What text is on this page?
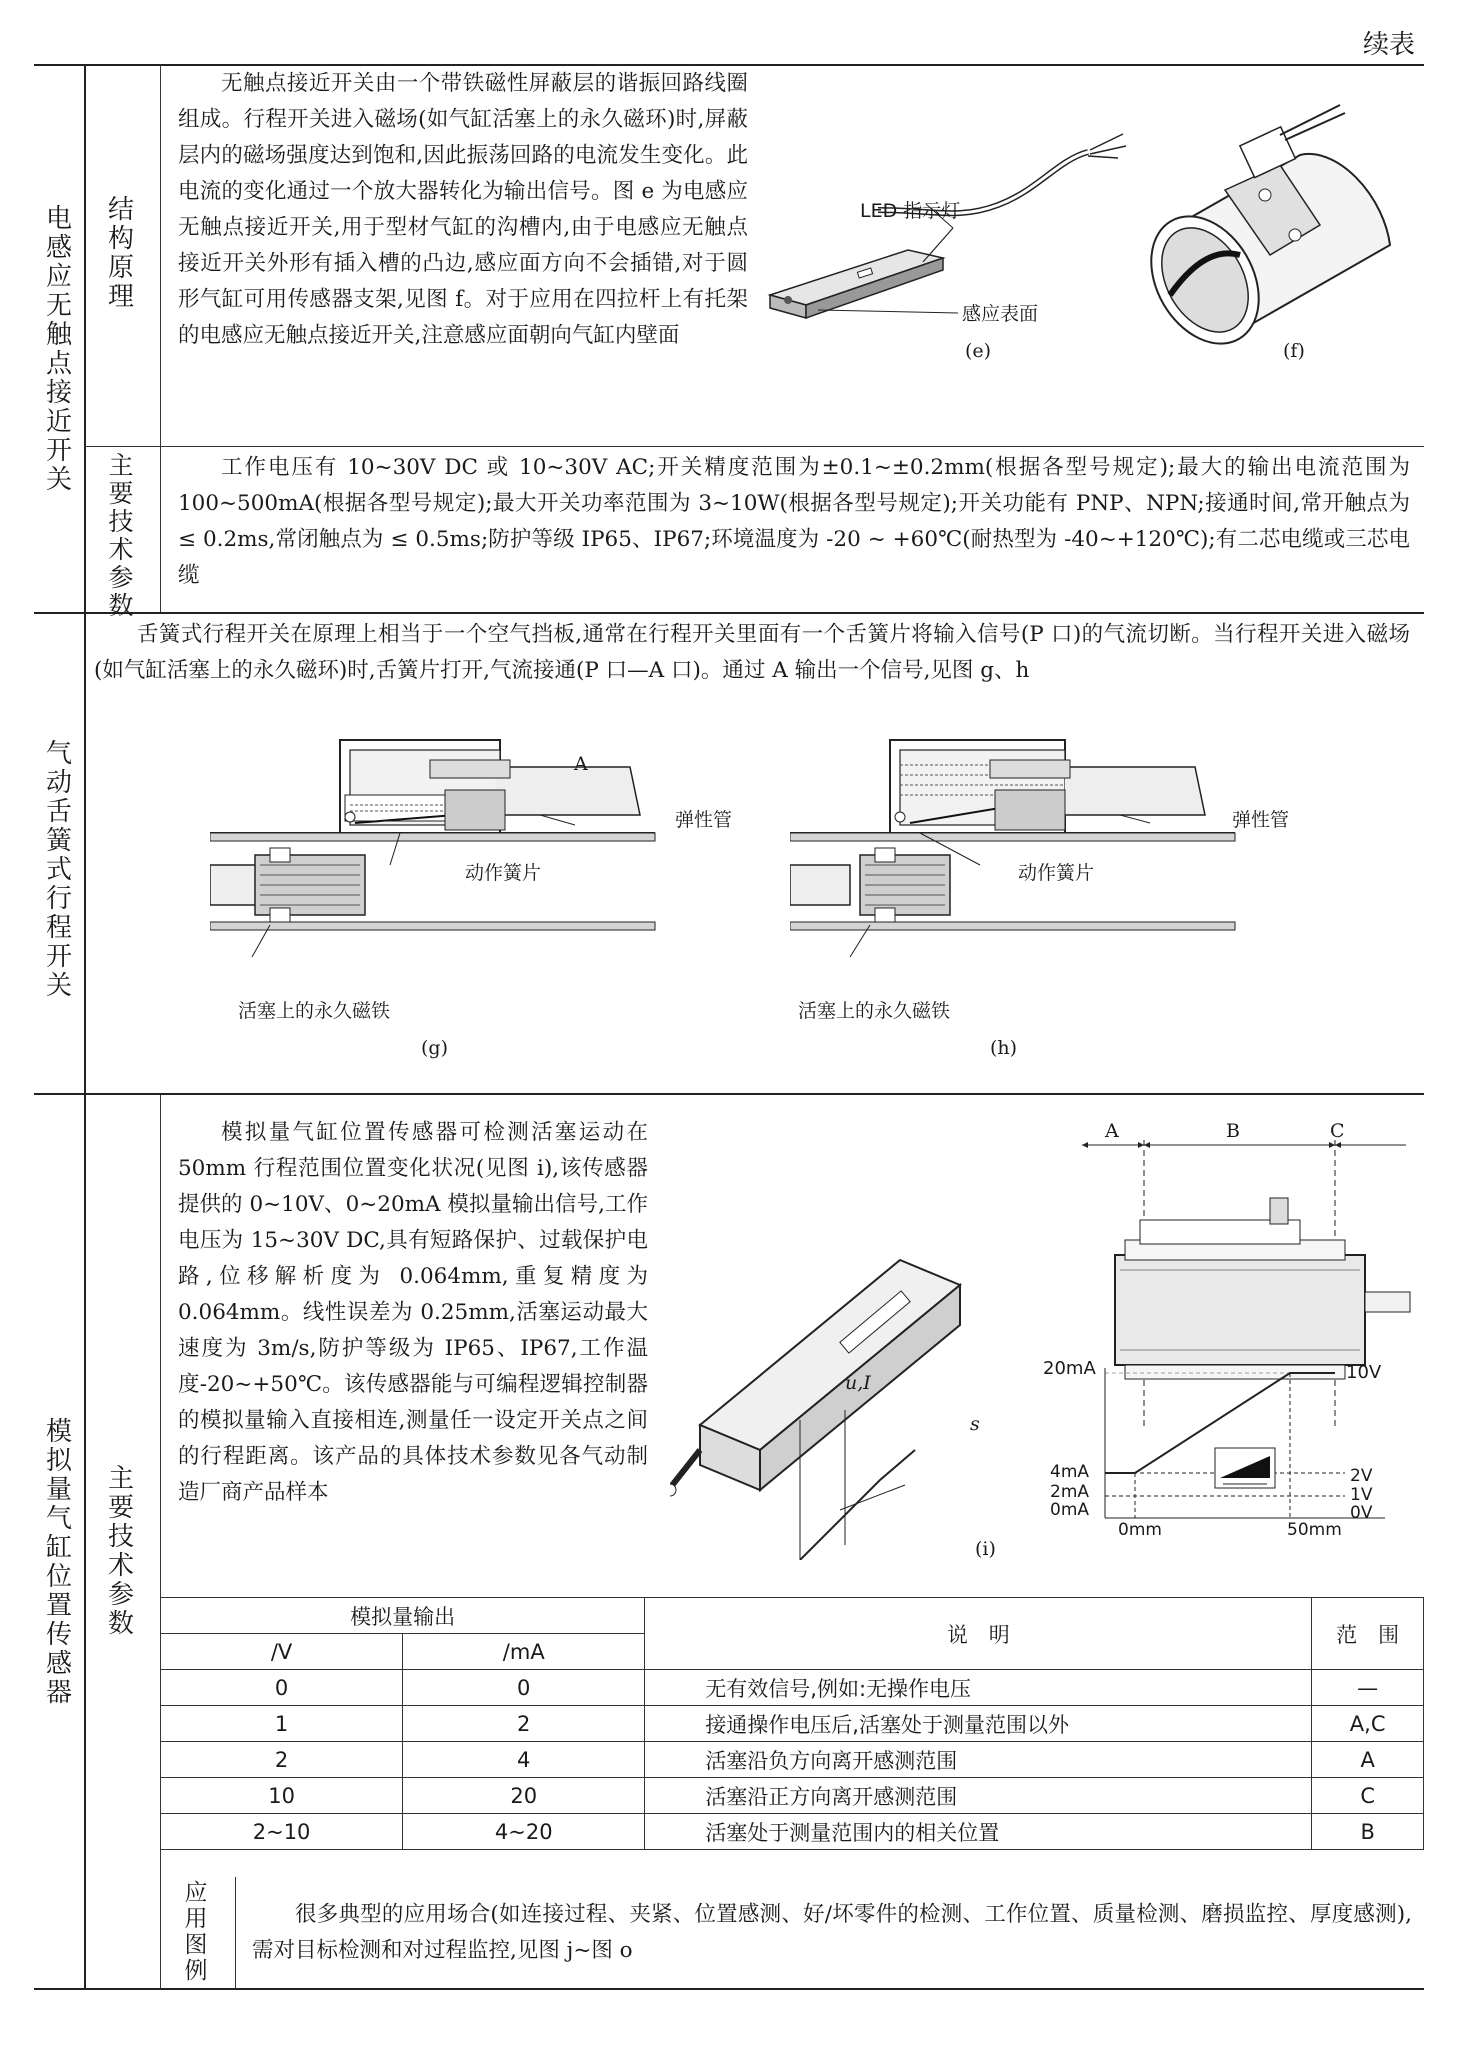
续表
电感应无触点接近开关
结构原理

无触点接近开关由一个带铁磁性屏蔽层的谐振回路线圈组成。行程开关进入磁场(如气缸活塞上的永久磁环)时,屏蔽层内的磁场强度达到饱和,因此振荡回路的电流发生变化。此电流的变化通过一个放大器转化为输出信号。图 e 为电感应无触点接近开关,用于型材气缸的沟槽内,由于电感应无触点接近开关外形有插入槽的凸边,感应面方向不会插错,对于圆形气缸可用传感器支架,见图 f。对于应用在四拉杆上有托架的电感应无触点接近开关,注意感应面朝向气缸内壁面

LED 指示灯
感应表面
(e)	(f)
主要技术参数

工作电压有 10~30V DC 或 10~30V AC;开关精度范围为±0.1~±0.2mm(根据各型号规定);最大的输出电流范围为 100~500mA(根据各型号规定);最大开关功率范围为 3~10W(根据各型号规定);开关功能有 PNP、NPN;接通时间,常开触点为 ≤ 0.2ms,常闭触点为 ≤ 0.5ms;防护等级 IP65、IP67;环境温度为 -20 ~ +60℃(耐热型为 -40~+120℃);有二芯电缆或三芯电缆

气动舌簧式行程开关

舌簧式行程开关在原理上相当于一个空气挡板,通常在行程开关里面有一个舌簧片将输入信号(P 口)的气流切断。当行程开关进入磁场(如气缸活塞上的永久磁环)时,舌簧片打开,气流接通(P 口—A 口)。通过 A 输出一个信号,见图 g、h

A
弹性管
动作簧片
活塞上的永久磁铁
(g)
弹性管
动作簧片
活塞上的永久磁铁
(h)
模拟量气缸位置传感器
主要技术参数

模拟量气缸位置传感器可检测活塞运动在 50mm 行程范围位置变化状况(见图 i),该传感器提供的 0~10V、0~20mA 模拟量输出信号,工作电压为 15~30V DC,具有短路保护、过载保护电路,位移解析度为 0.064mm,重复精度为 0.064mm。线性误差为 0.25mm,活塞运动最大速度为 3m/s,防护等级为 IP65、IP67,工作温度-20~+50℃。该传感器能与可编程逻辑控制器的模拟量输入直接相连,测量任一设定开关点之间的行程距离。该产品的具体技术参数见各气动制造厂商产品样本

A	B	C
u,I
s
20mA
4mA
2mA
0mA
10V
2V
1V
0V
0mm	50mm
(i)
模拟量输出		说　明	范　围
/V	/mA		
0	0	无有效信号,例如:无操作电压	—
1	2	接通操作电压后,活塞处于测量范围以外	A,C
2	4	活塞沿负方向离开感测范围	A
10	20	活塞沿正方向离开感测范围	C
2~10	4~20	活塞处于测量范围内的相关位置	B
应用图例

很多典型的应用场合(如连接过程、夹紧、位置感测、好/坏零件的检测、工作位置、质量检测、磨损监控、厚度感测),需对目标检测和对过程监控,见图 j~图 o
